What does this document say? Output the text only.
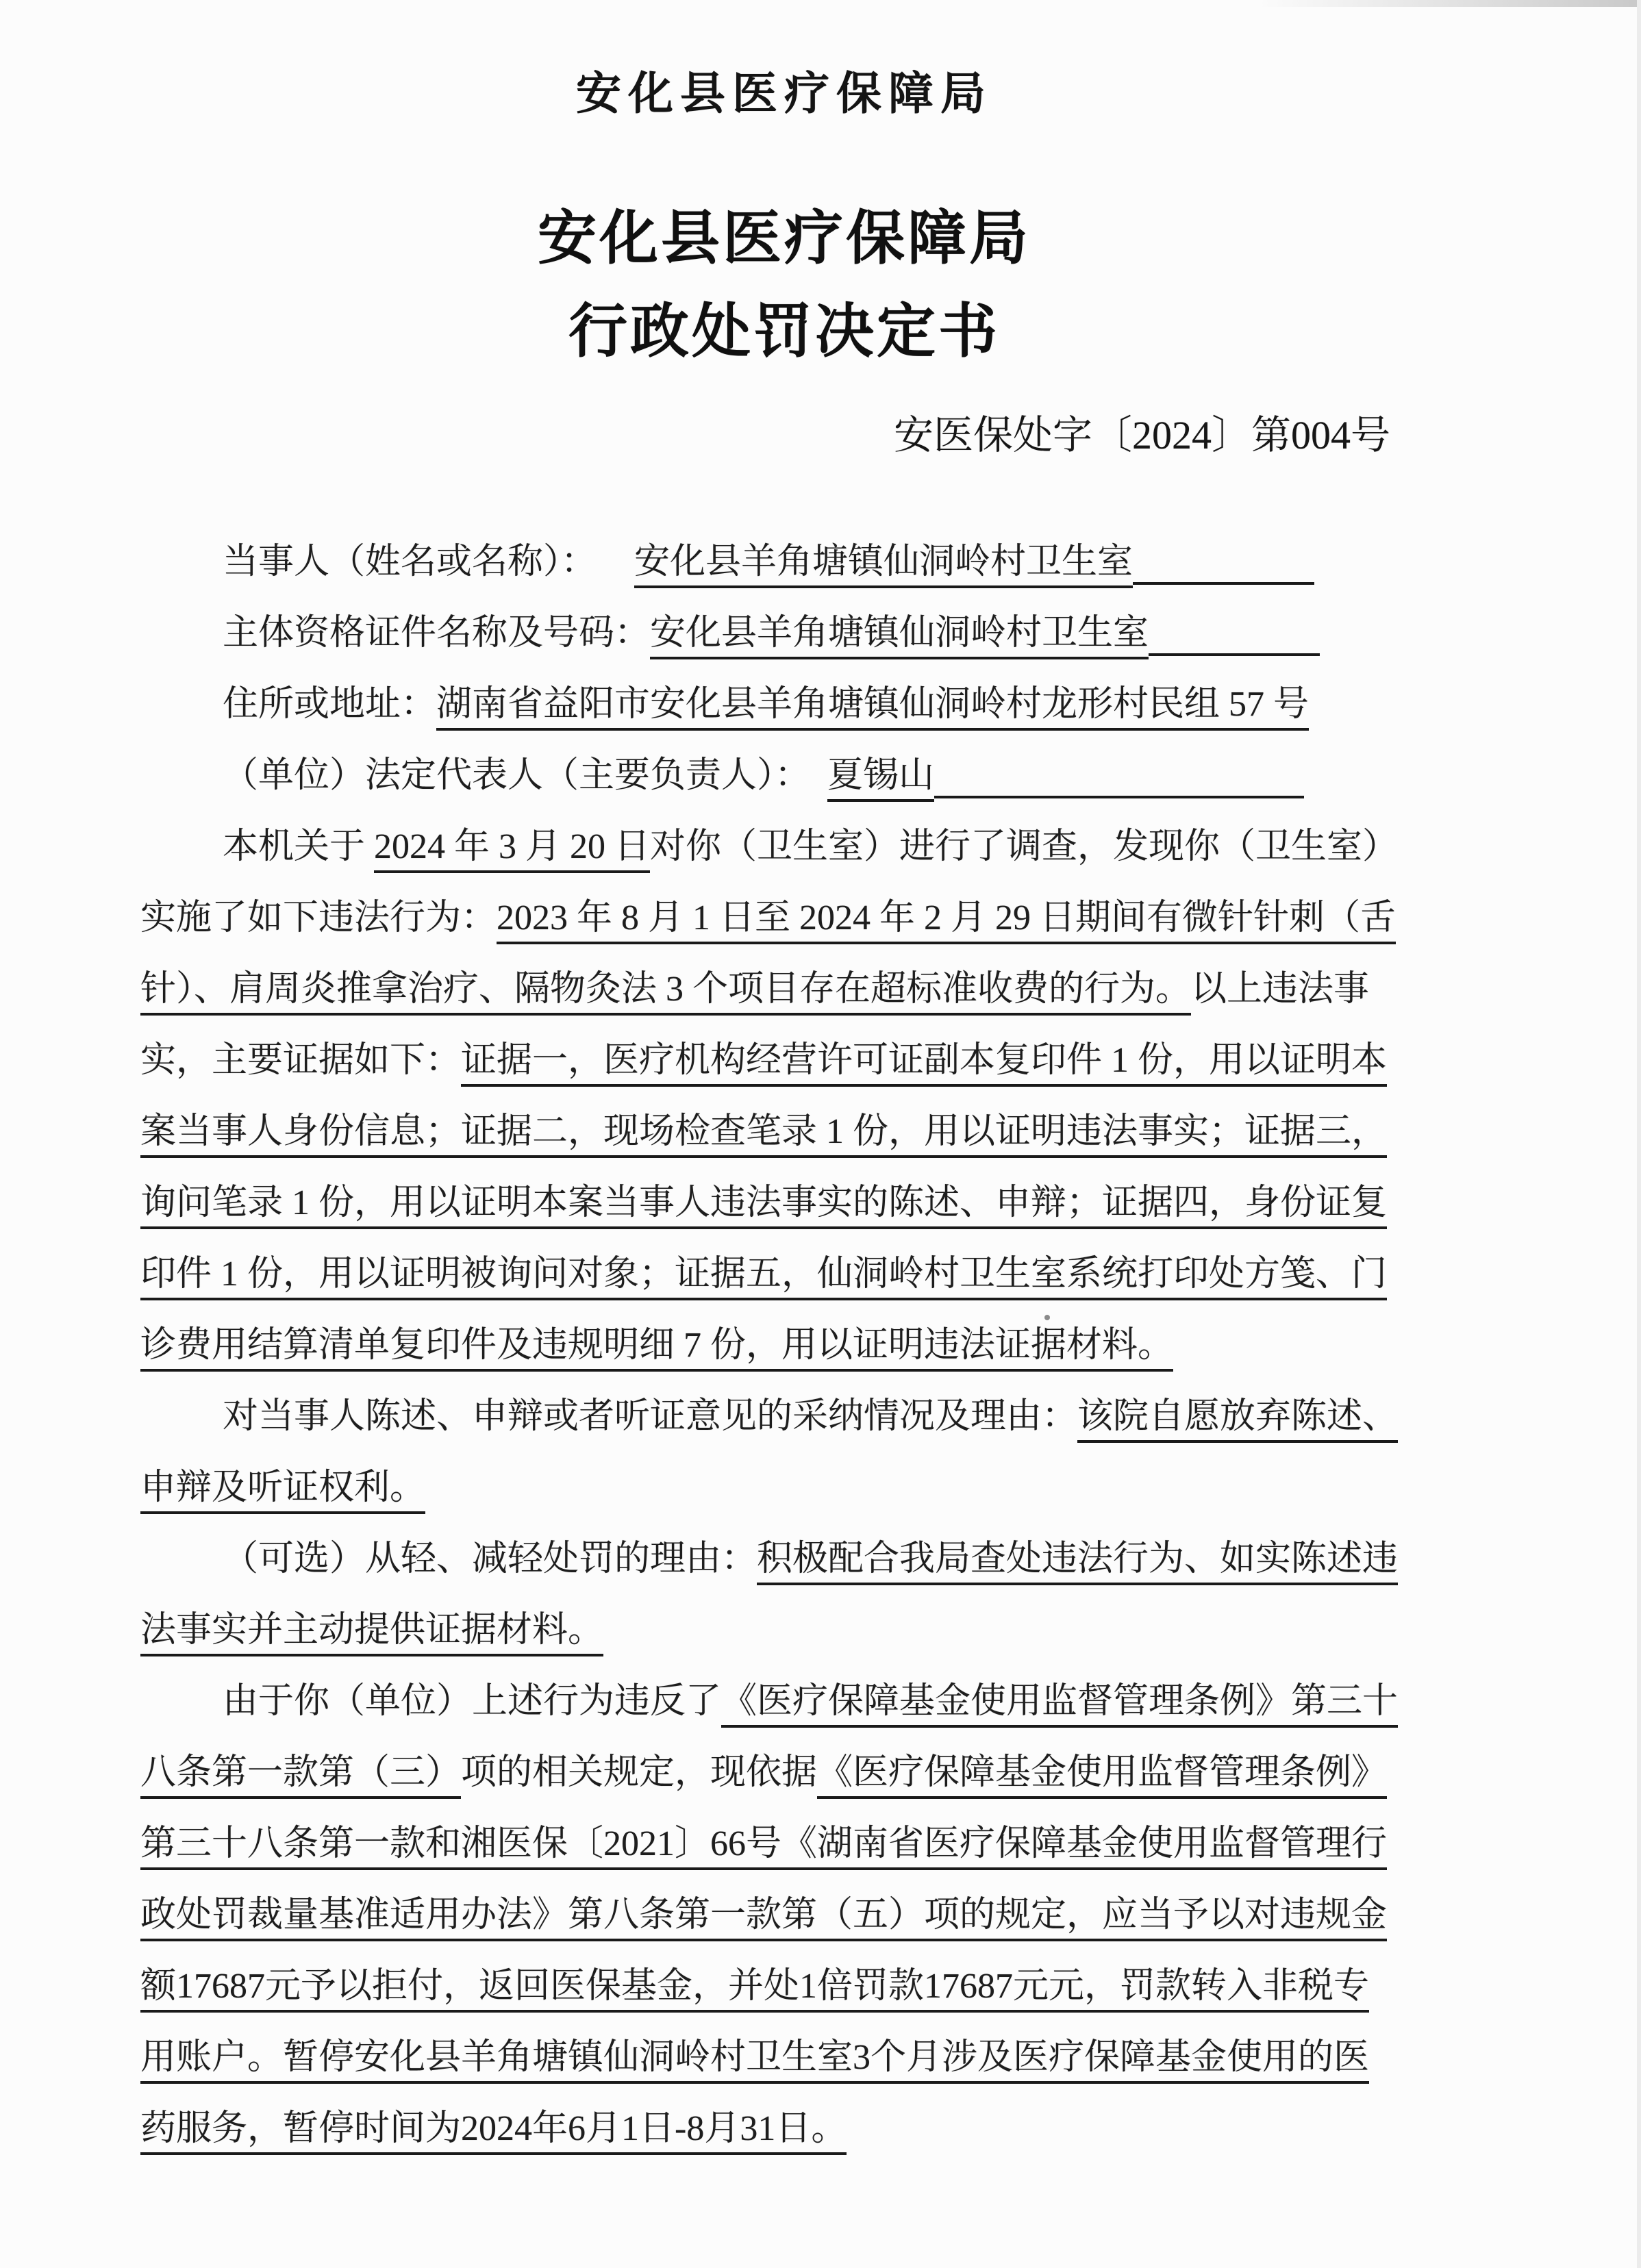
安化县医疗保障局
安化县医疗保障局
行政处罚决定书
安医保处字〔2024〕第004号
当事人（姓名或名称）： 安化县羊角塘镇仙洞岭村卫生室
主体资格证件名称及号码：安化县羊角塘镇仙洞岭村卫生室
住所或地址：湖南省益阳市安化县羊角塘镇仙洞岭村龙形村民组 57 号
（单位）法定代表人（主要负责人）： 夏锡山
本机关于 2024 年 3 月 20 日对你（卫生室）进行了调查，发现你（卫生室）
实施了如下违法行为：2023 年 8 月 1 日至 2024 年 2 月 29 日期间有微针针刺（舌
针）、肩周炎推拿治疗、隔物灸法 3 个项目存在超标准收费的行为。以上违法事
实，主要证据如下：证据一，医疗机构经营许可证副本复印件 1 份，用以证明本
案当事人身份信息；证据二，现场检查笔录 1 份，用以证明违法事实；证据三，
询问笔录 1 份，用以证明本案当事人违法事实的陈述、申辩；证据四，身份证复
印件 1 份，用以证明被询问对象；证据五，仙洞岭村卫生室系统打印处方笺、门
诊费用结算清单复印件及违规明细 7 份，用以证明违法证据材料。
对当事人陈述、申辩或者听证意见的采纳情况及理由：该院自愿放弃陈述、
申辩及听证权利。
（可选）从轻、减轻处罚的理由：积极配合我局查处违法行为、如实陈述违
法事实并主动提供证据材料。
由于你（单位）上述行为违反了《医疗保障基金使用监督管理条例》第三十
八条第一款第（三）项的相关规定，现依据《医疗保障基金使用监督管理条例》
第三十八条第一款和湘医保〔2021〕66号《湖南省医疗保障基金使用监督管理行
政处罚裁量基准适用办法》第八条第一款第（五）项的规定，应当予以对违规金
额17687元予以拒付，返回医保基金，并处1倍罚款17687元元，罚款转入非税专
用账户。暂停安化县羊角塘镇仙洞岭村卫生室3个月涉及医疗保障基金使用的医
药服务，暂停时间为2024年6月1日-8月31日。
